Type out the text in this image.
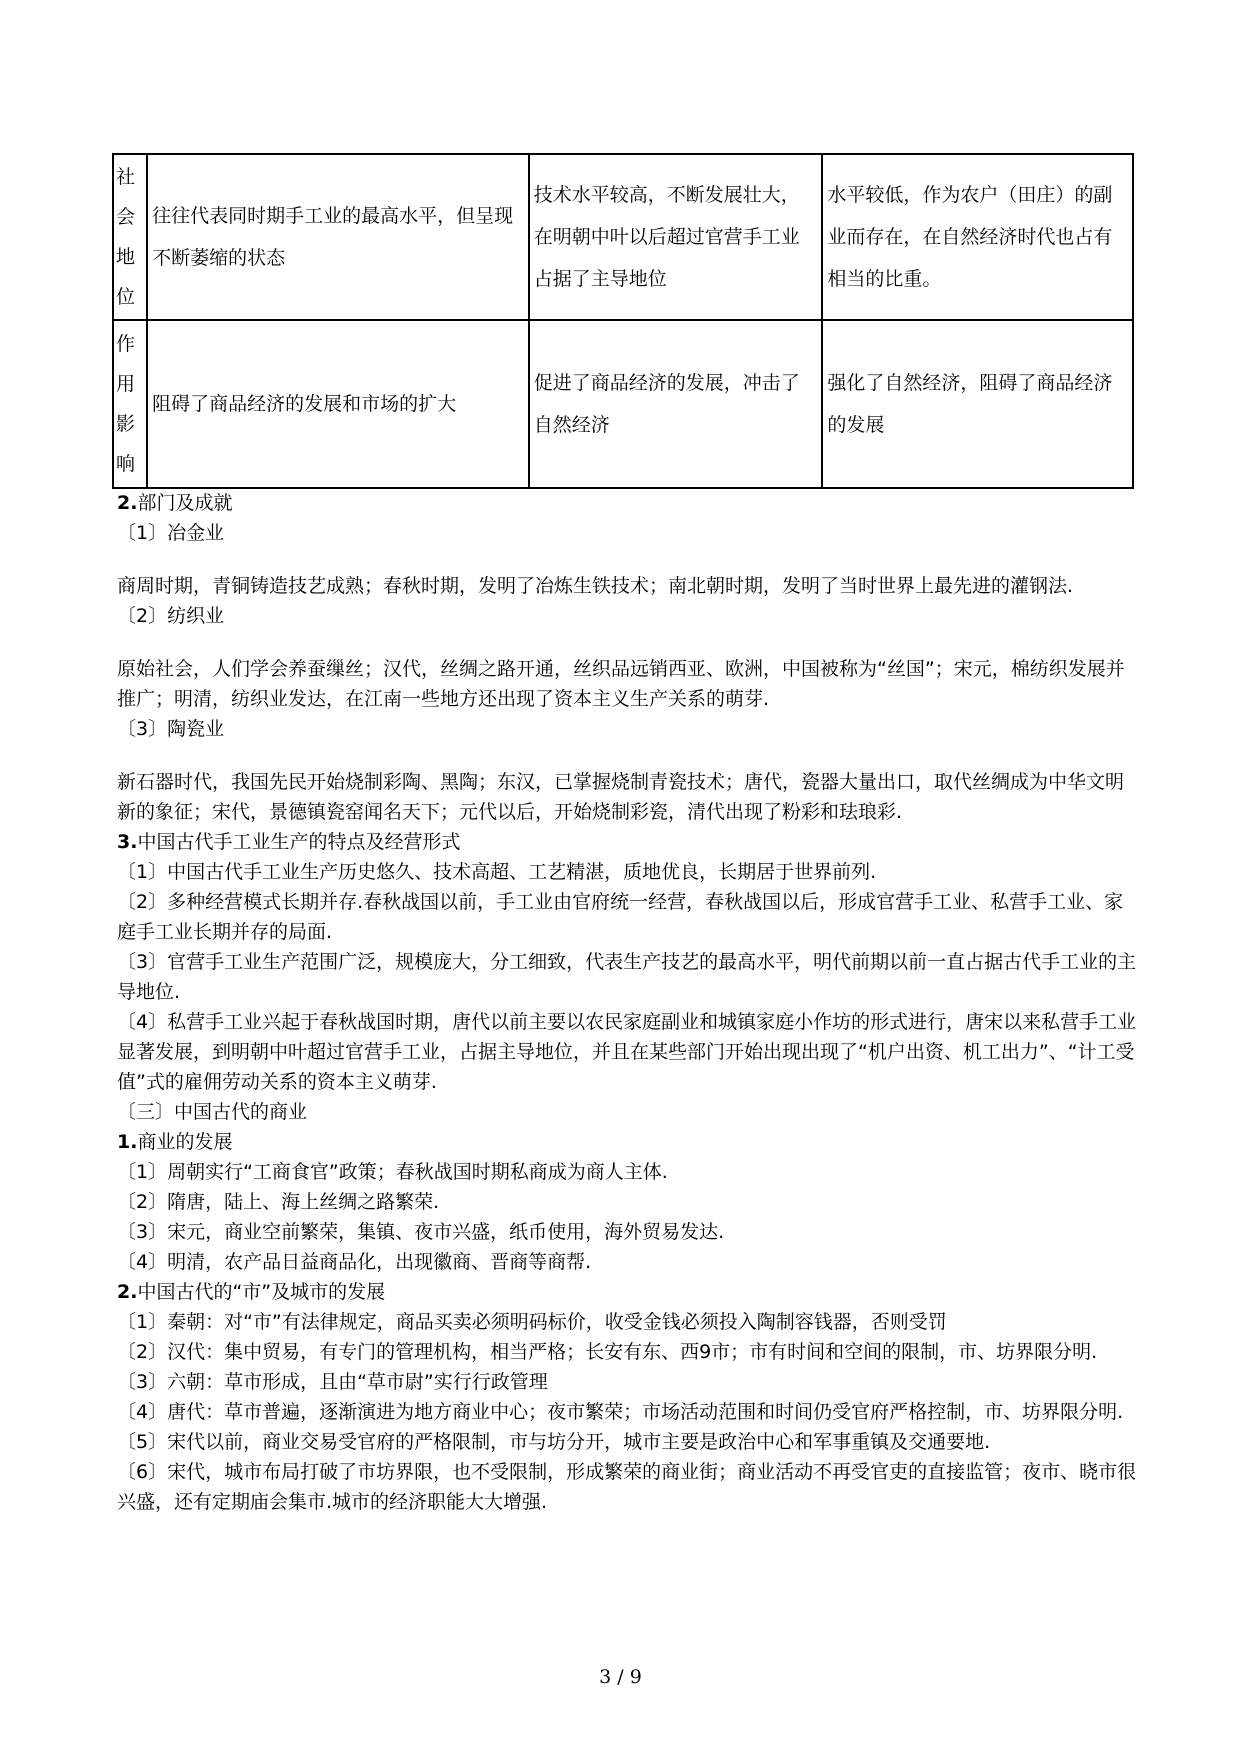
社
会
地
位	往往代表同时期手工业的最高水平，但呈现不断萎缩的状态	技术水平较高，不断发展壮大，在明朝中叶以后超过官营手工业占据了主导地位	水平较低，作为农户（田庄）的副业而存在，在自然经济时代也占有相当的比重。

作
用
影
响	阻碍了商品经济的发展和市场的扩大	促进了商品经济的发展，冲击了自然经济	强化了自然经济，阻碍了商品经济的发展

2.部门及成就

〔1〕冶金业

商周时期，青铜铸造技艺成熟；春秋时期，发明了冶炼生铁技术；南北朝时期，发明了当时世界上最先进的灌钢法.

〔2〕纺织业

原始社会，人们学会养蚕缫丝；汉代，丝绸之路开通，丝织品远销西亚、欧洲，中国被称为“丝国”；宋元，棉纺织发展并推广；明清，纺织业发达，在江南一些地方还出现了资本主义生产关系的萌芽.

〔3〕陶瓷业

新石器时代，我国先民开始烧制彩陶、黑陶；东汉，已掌握烧制青瓷技术；唐代，瓷器大量出口，取代丝绸成为中华文明新的象征；宋代，景德镇瓷窑闻名天下；元代以后，开始烧制彩瓷，清代出现了粉彩和珐琅彩.

3.中国古代手工业生产的特点及经营形式

〔1〕中国古代手工业生产历史悠久、技术高超、工艺精湛，质地优良，长期居于世界前列.

〔2〕多种经营模式长期并存.春秋战国以前，手工业由官府统一经营，春秋战国以后，形成官营手工业、私营手工业、家庭手工业长期并存的局面.

〔3〕官营手工业生产范围广泛，规模庞大，分工细致，代表生产技艺的最高水平，明代前期以前一直占据古代手工业的主导地位.

〔4〕私营手工业兴起于春秋战国时期，唐代以前主要以农民家庭副业和城镇家庭小作坊的形式进行，唐宋以来私营手工业显著发展，到明朝中叶超过官营手工业，占据主导地位，并且在某些部门开始出现出现了“机户出资、机工出力”、“计工受值”式的雇佣劳动关系的资本主义萌芽.

〔三〕中国古代的商业

1.商业的发展

〔1〕周朝实行“工商食官”政策；春秋战国时期私商成为商人主体.

〔2〕隋唐，陆上、海上丝绸之路繁荣.

〔3〕宋元，商业空前繁荣，集镇、夜市兴盛，纸币使用，海外贸易发达.

〔4〕明清，农产品日益商品化，出现徽商、晋商等商帮.

2.中国古代的“市”及城市的发展

〔1〕秦朝：对“市”有法律规定，商品买卖必须明码标价，收受金钱必须投入陶制容钱器，否则受罚

〔2〕汉代：集中贸易，有专门的管理机构，相当严格；长安有东、西9市；市有时间和空间的限制，市、坊界限分明.

〔3〕六朝：草市形成，且由“草市尉”实行行政管理

〔4〕唐代：草市普遍，逐渐演进为地方商业中心；夜市繁荣；市场活动范围和时间仍受官府严格控制，市、坊界限分明.

〔5〕宋代以前，商业交易受官府的严格限制，市与坊分开，城市主要是政治中心和军事重镇及交通要地.

〔6〕宋代，城市布局打破了市坊界限，也不受限制，形成繁荣的商业街；商业活动不再受官吏的直接监管；夜市、晓市很兴盛，还有定期庙会集市.城市的经济职能大大增强.

3 / 9
